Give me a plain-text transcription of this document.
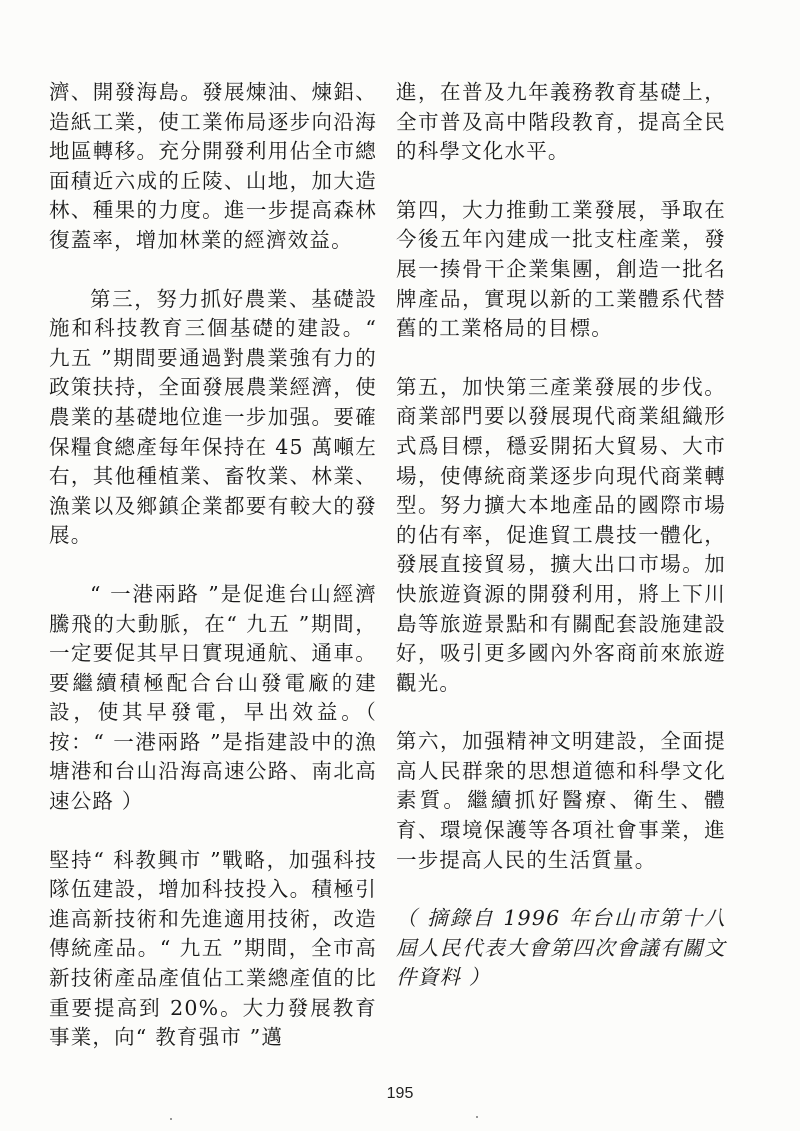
濟、開發海島。發展煉油、煉鋁、造紙工業，使工業佈局逐步向沿海地區轉移。充分開發利用佔全市總面積近六成的丘陵、山地，加大造林、種果的力度。進一步提高森林復蓋率，增加林業的經濟效益。

第三，努力抓好農業、基礎設施和科技教育三個基礎的建設。“ 九五 ”期間要通過對農業強有力的政策扶持，全面發展農業經濟，使農業的基礎地位進一步加强。要確保糧食總產每年保持在 45 萬噸左右，其他種植業、畜牧業、林業、漁業以及鄉鎮企業都要有較大的發展。

“ 一港兩路 ”是促進台山經濟騰飛的大動脈，在“ 九五 ”期間，一定要促其早日實現通航、通車。要繼續積極配合台山發電廠的建設，使其早發電，早出效益。（ 按：“ 一港兩路 ”是指建設中的漁塘港和台山沿海高速公路、南北高速公路 ）

堅持“ 科教興市 ”戰略，加强科技隊伍建設，增加科技投入。積極引進高新技術和先進適用技術，改造傳統產品。“ 九五 ”期間，全市高新技術產品產值佔工業總產值的比重要提高到 20%。大力發展教育事業，向“ 教育强市 ”邁

進，在普及九年義務教育基礎上，全市普及高中階段教育，提高全民的科學文化水平。

第四，大力推動工業發展，爭取在今後五年內建成一批支柱產業，發展一揍骨干企業集團，創造一批名牌產品，實現以新的工業體系代替舊的工業格局的目標。

第五，加快第三產業發展的步伐。商業部門要以發展現代商業組織形式爲目標，穩妥開拓大貿易、大市場，使傳統商業逐步向現代商業轉型。努力擴大本地產品的國際市場的佔有率，促進貿工農技一體化，發展直接貿易，擴大出口市場。加快旅遊資源的開發利用，將上下川島等旅遊景點和有關配套設施建設好，吸引更多國內外客商前來旅遊觀光。

第六，加强精神文明建設，全面提高人民群衆的思想道德和科學文化素質。繼續抓好醫療、衛生、體育、環境保護等各項社會事業，進一步提高人民的生活質量。

（ 摘錄自 1996 年台山市第十八屆人民代表大會第四次會議有關文件資料 ）

195
